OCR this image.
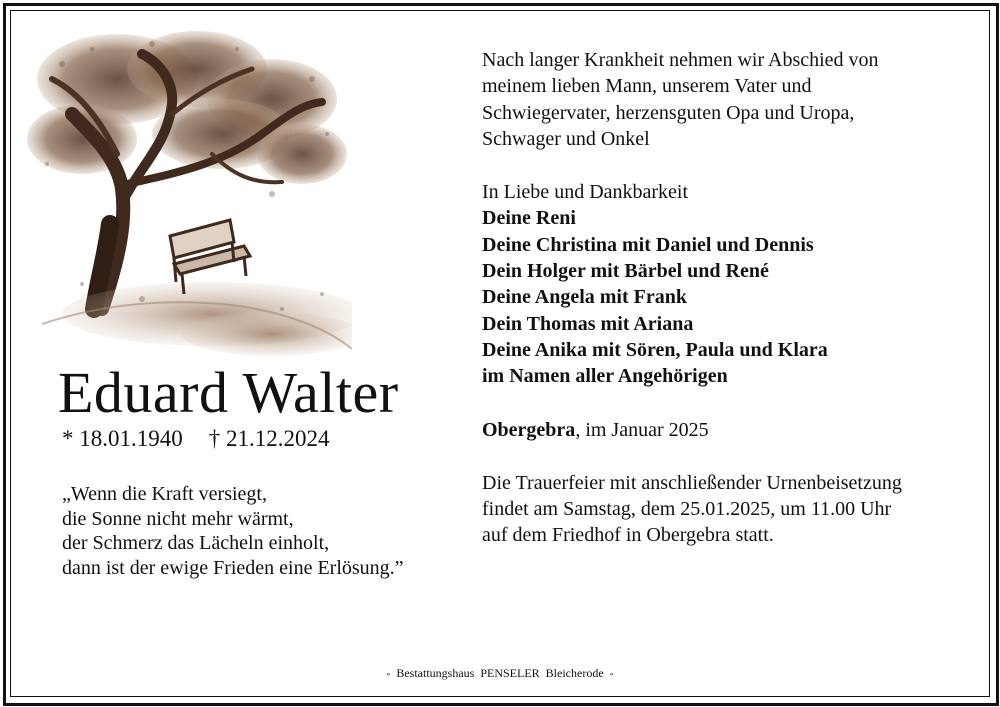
Eduard Walter
* 18.01.1940 † 21.12.2024
„Wenn die Kraft versiegt,
die Sonne nicht mehr wärmt,
der Schmerz das Lächeln einholt,
dann ist der ewige Frieden eine Erlösung.”
Nach langer Krankheit nehmen wir Abschied von
meinem lieben Mann, unserem Vater und
Schwiegervater, herzensguten Opa und Uropa,
Schwager und Onkel
In Liebe und Dankbarkeit
Deine Reni
Deine Christina mit Daniel und Dennis
Dein Holger mit Bärbel und René
Deine Angela mit Frank
Dein Thomas mit Ariana
Deine Anika mit Sören, Paula und Klara
im Namen aller Angehörigen
Obergebra, im Januar 2025
Die Trauerfeier mit anschließender Urnenbeisetzung
findet am Samstag, dem 25.01.2025, um 11.00 Uhr
auf dem Friedhof in Obergebra statt.
- Bestattungshaus PENSELER Bleicherode -
